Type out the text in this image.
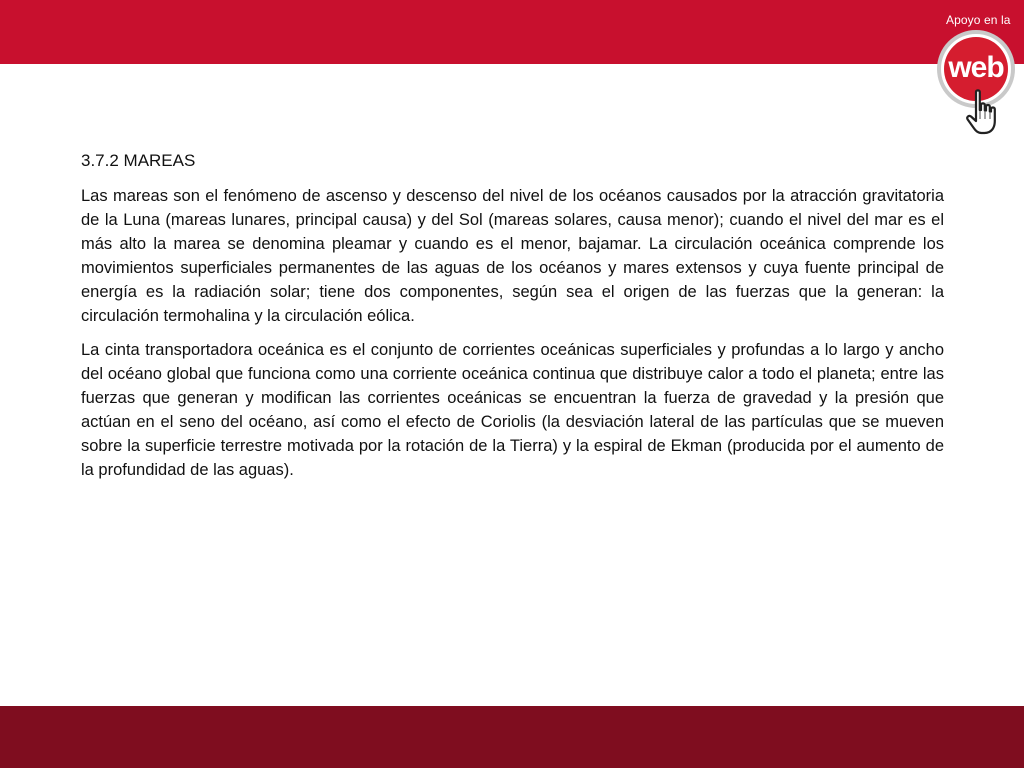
Apoyo en la
web
3.7.2 MAREAS

Las mareas son el fenómeno de ascenso y descenso del nivel de los océanos causados por la atracción gravitatoria de la Luna (mareas lunares, principal causa) y del Sol (mareas solares, causa menor); cuando el nivel del mar es el más alto la marea se denomina pleamar y cuando es el menor, bajamar. La circulación oceánica comprende los movimientos superficiales permanentes de las aguas de los océanos y mares extensos y cuya fuente principal de energía es la radiación solar; tiene dos componentes, según sea el origen de las fuerzas que la generan: la circulación termohalina y la circulación eólica.

La cinta transportadora oceánica es el conjunto de corrientes oceánicas superficiales y profundas a lo largo y ancho del océano global que funciona como una corriente oceánica continua que distribuye calor a todo el planeta; entre las fuerzas que generan y modifican las corrientes oceánicas se encuentran la fuerza de gravedad y la presión que actúan en el seno del océano, así como el efecto de Coriolis (la desviación lateral de las partículas que se mueven sobre la superficie terrestre motivada por la rotación de la Tierra) y la espiral de Ekman (producida por el aumento de la profundidad de las aguas).
